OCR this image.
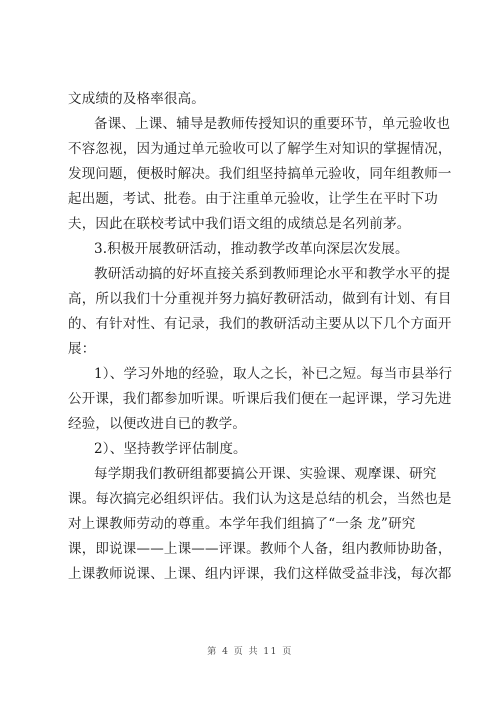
文成绩的及格率很高。
备课、上课、辅导是教师传授知识的重要环节，单元验收也
不容忽视，因为通过单元验收可以了解学生对知识的掌握情况，
发现问题，便极时解决。我们组坚持搞单元验收，同年组教师一
起出题，考试、批卷。由于注重单元验收，让学生在平时下功
夫，因此在联校考试中我们语文组的成绩总是名列前茅。
3.积极开展教研活动，推动教学改革向深层次发展。
教研活动搞的好坏直接关系到教师理论水平和教学水平的提
高，所以我们十分重视并努力搞好教研活动，做到有计划、有目
的、有针对性、有记录，我们的教研活动主要从以下几个方面开
展：
1）、学习外地的经验，取人之长，补已之短。每当市县举行
公开课，我们都参加听课。听课后我们便在一起评课，学习先进
经验，以便改进自已的教学。
2）、坚持教学评估制度。
每学期我们教研组都要搞公开课、实验课、观摩课、研究
课。每次搞完必组织评估。我们认为这是总结的机会，当然也是
对上课教师劳动的尊重。本学年我们组搞了“一条 龙”研究
课，即说课——上课——评课。教师个人备，组内教师协助备，
上课教师说课、上课、组内评课，我们这样做受益非浅，每次都
第 4 页 共 11 页
